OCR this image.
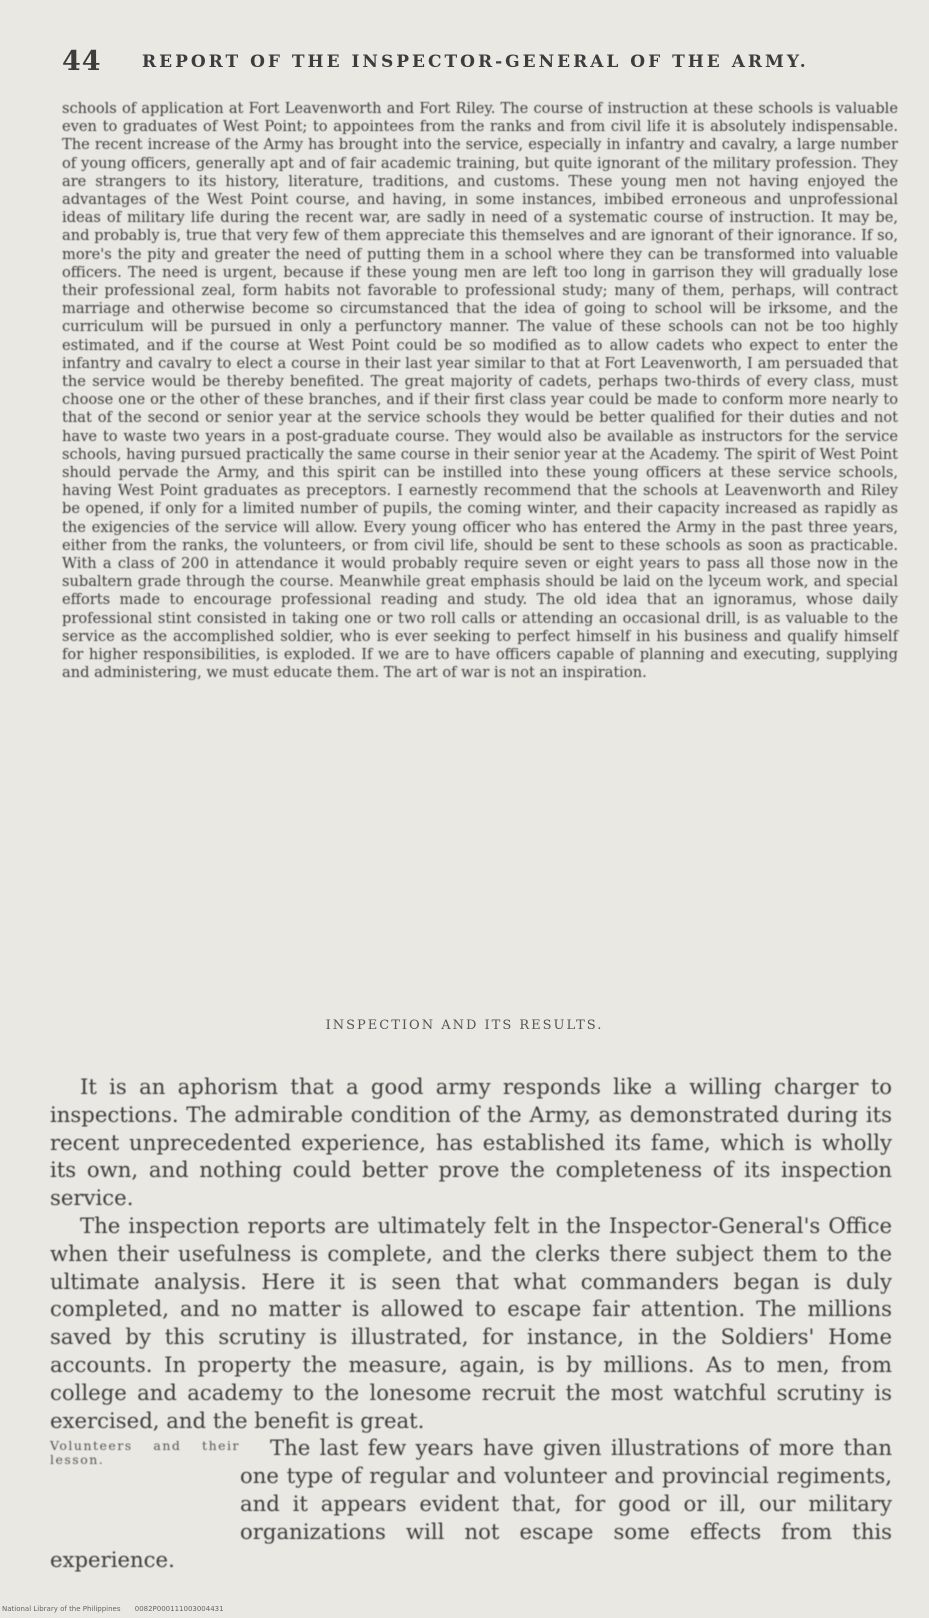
44 REPORT OF THE INSPECTOR-GENERAL OF THE ARMY.

schools of application at Fort Leavenworth and Fort Riley. The course of instruction at these schools is valuable even to graduates of West Point; to appointees from the ranks and from civil life it is absolutely indispensable. The recent increase of the Army has brought into the service, especially in infantry and cavalry, a large number of young officers, generally apt and of fair academic training, but quite ignorant of the military profession. They are strangers to its history, literature, traditions, and customs. These young men not having enjoyed the advantages of the West Point course, and having, in some instances, imbibed erroneous and unprofessional ideas of military life during the recent war, are sadly in need of a systematic course of instruction. It may be, and probably is, true that very few of them appreciate this themselves and are ignorant of their ignorance. If so, more's the pity and greater the need of putting them in a school where they can be transformed into valuable officers. The need is urgent, because if these young men are left too long in garrison they will gradually lose their professional zeal, form habits not favorable to professional study; many of them, perhaps, will contract marriage and otherwise become so circumstanced that the idea of going to school will be irksome, and the curriculum will be pursued in only a perfunctory manner. The value of these schools can not be too highly estimated, and if the course at West Point could be so modified as to allow cadets who expect to enter the infantry and cavalry to elect a course in their last year similar to that at Fort Leavenworth, I am persuaded that the service would be thereby benefited. The great majority of cadets, perhaps two-thirds of every class, must choose one or the other of these branches, and if their first class year could be made to conform more nearly to that of the second or senior year at the service schools they would be better qualified for their duties and not have to waste two years in a post-graduate course. They would also be available as instructors for the service schools, having pursued practically the same course in their senior year at the Academy. The spirit of West Point should pervade the Army, and this spirit can be instilled into these young officers at these service schools, having West Point graduates as preceptors. I earnestly recommend that the schools at Leavenworth and Riley be opened, if only for a limited number of pupils, the coming winter, and their capacity increased as rapidly as the exigencies of the service will allow. Every young officer who has entered the Army in the past three years, either from the ranks, the volunteers, or from civil life, should be sent to these schools as soon as practicable. With a class of 200 in attendance it would probably require seven or eight years to pass all those now in the subaltern grade through the course. Meanwhile great emphasis should be laid on the lyceum work, and special efforts made to encourage professional reading and study. The old idea that an ignoramus, whose daily professional stint consisted in taking one or two roll calls or attending an occasional drill, is as valuable to the service as the accomplished soldier, who is ever seeking to perfect himself in his business and qualify himself for higher responsibilities, is exploded. If we are to have officers capable of planning and executing, supplying and administering, we must educate them. The art of war is not an inspiration.

INSPECTION AND ITS RESULTS.

It is an aphorism that a good army responds like a willing charger to inspections. The admirable condition of the Army, as demonstrated during its recent unprecedented experience, has established its fame, which is wholly its own, and nothing could better prove the completeness of its inspection service.

The inspection reports are ultimately felt in the Inspector-General's Office when their usefulness is complete, and the clerks there subject them to the ultimate analysis. Here it is seen that what commanders began is duly completed, and no matter is allowed to escape fair attention. The millions saved by this scrutiny is illustrated, for instance, in the Soldiers' Home accounts. In property the measure, again, is by millions. As to men, from college and academy to the lonesome recruit the most watchful scrutiny is exercised, and the benefit is great.

Volunteers and their lesson.	The last few years have given illustrations of more than one type of regular and volunteer and provincial regiments, and it appears evident that, for good or ill, our military organizations will not escape some effects from this experience.

National Library of the Philippines 0082P000111003004431
